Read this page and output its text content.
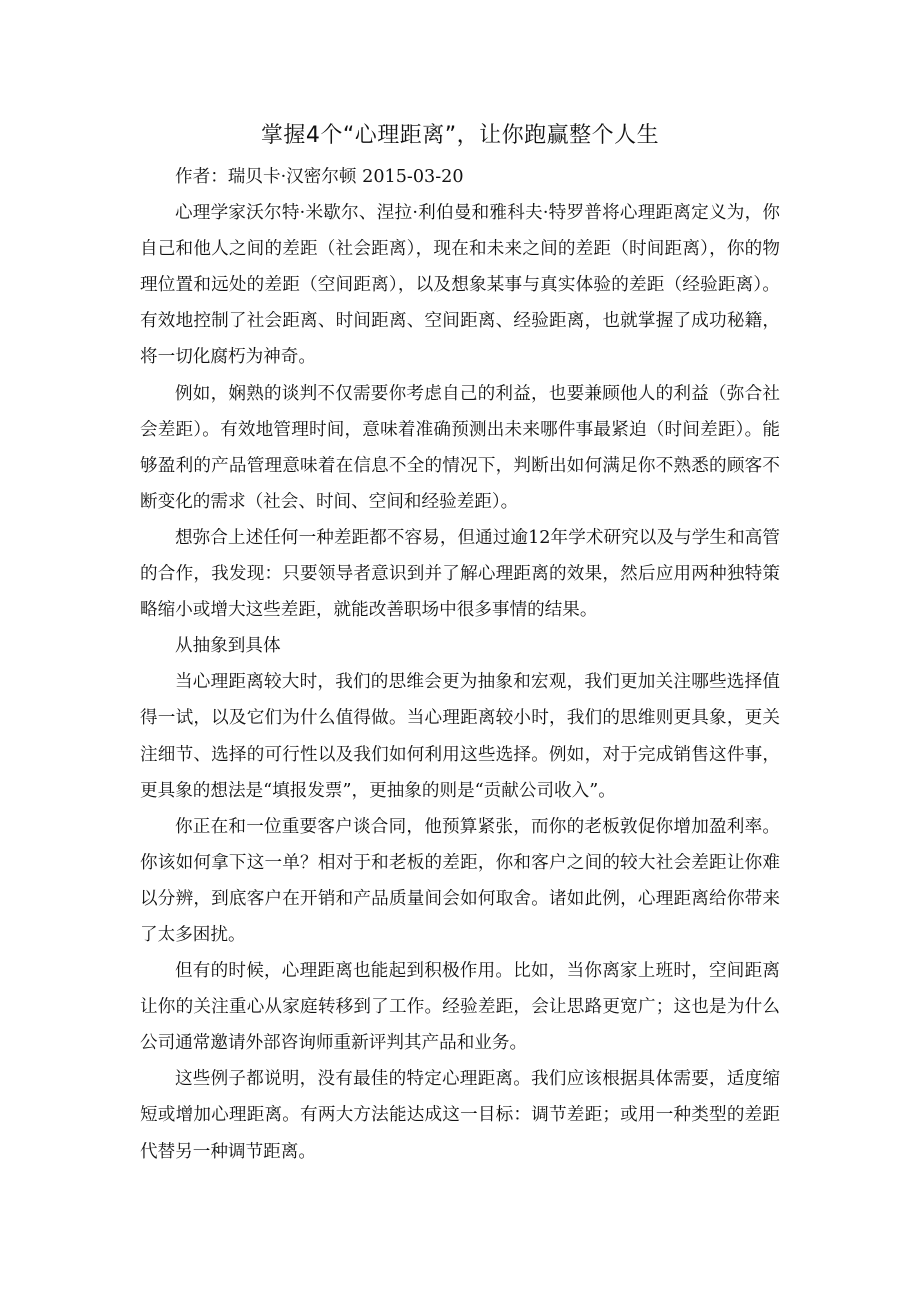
掌握4个“心理距离”，让你跑赢整个人生

作者：瑞贝卡·汉密尔顿 2015-03-20

心理学家沃尔特·米歇尔、涅拉·利伯曼和雅科夫·特罗普将心理距离定义为，你自己和他人之间的差距（社会距离），现在和未来之间的差距（时间距离），你的物理位置和远处的差距（空间距离），以及想象某事与真实体验的差距（经验距离）。有效地控制了社会距离、时间距离、空间距离、经验距离，也就掌握了成功秘籍，将一切化腐朽为神奇。

例如，娴熟的谈判不仅需要你考虑自己的利益，也要兼顾他人的利益（弥合社会差距）。有效地管理时间，意味着准确预测出未来哪件事最紧迫（时间差距）。能够盈利的产品管理意味着在信息不全的情况下，判断出如何满足你不熟悉的顾客不断变化的需求（社会、时间、空间和经验差距）。

想弥合上述任何一种差距都不容易，但通过逾12年学术研究以及与学生和高管的合作，我发现：只要领导者意识到并了解心理距离的效果，然后应用两种独特策略缩小或增大这些差距，就能改善职场中很多事情的结果。

从抽象到具体

当心理距离较大时，我们的思维会更为抽象和宏观，我们更加关注哪些选择值得一试，以及它们为什么值得做。当心理距离较小时，我们的思维则更具象，更关注细节、选择的可行性以及我们如何利用这些选择。例如，对于完成销售这件事，更具象的想法是“填报发票”，更抽象的则是“贡献公司收入”。

你正在和一位重要客户谈合同，他预算紧张，而你的老板敦促你增加盈利率。你该如何拿下这一单？相对于和老板的差距，你和客户之间的较大社会差距让你难以分辨，到底客户在开销和产品质量间会如何取舍。诸如此例，心理距离给你带来了太多困扰。

但有的时候，心理距离也能起到积极作用。比如，当你离家上班时，空间距离让你的关注重心从家庭转移到了工作。经验差距，会让思路更宽广；这也是为什么公司通常邀请外部咨询师重新评判其产品和业务。

这些例子都说明，没有最佳的特定心理距离。我们应该根据具体需要，适度缩短或增加心理距离。有两大方法能达成这一目标：调节差距；或用一种类型的差距代替另一种调节距离。
